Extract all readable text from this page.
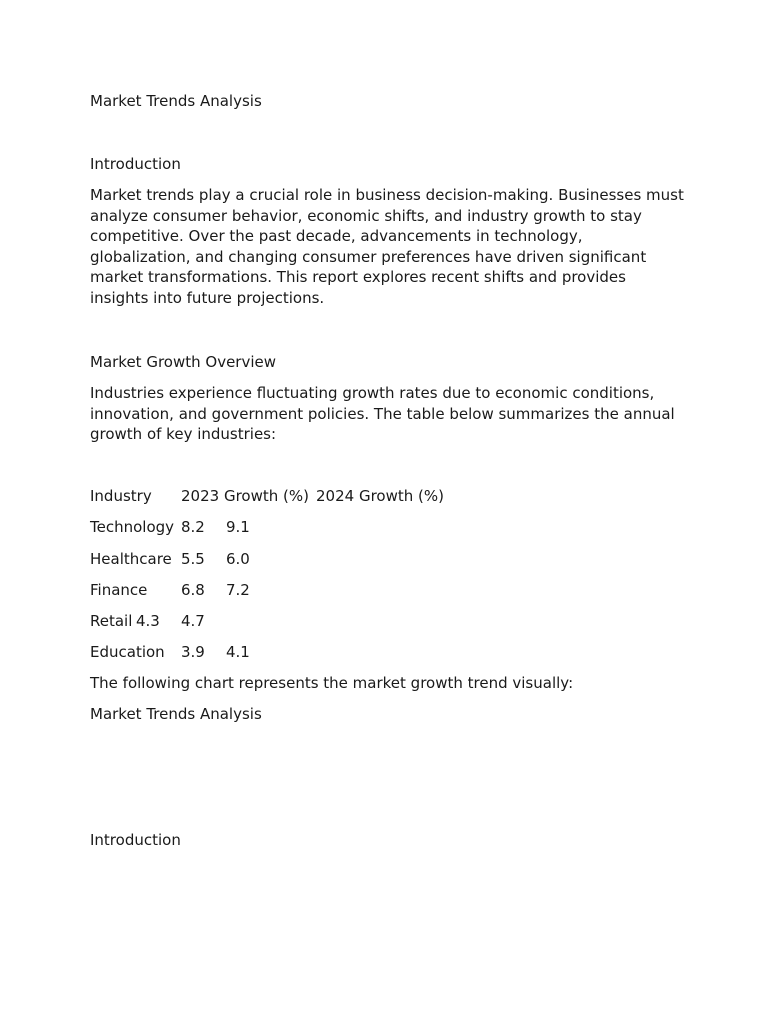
Market Trends Analysis
Introduction
Market trends play a crucial role in business decision-making. Businesses must analyze consumer behavior, economic shifts, and industry growth to stay competitive. Over the past decade, advancements in technology, globalization, and changing consumer preferences have driven significant market transformations. This report explores recent shifts and provides insights into future projections.
Market Growth Overview
Industries experience fluctuating growth rates due to economic conditions, innovation, and government policies. The table below summarizes the annual growth of key industries:
Industry 2023 Growth (%) 2024 Growth (%)
Technology 8.2 9.1
Healthcare 5.5 6.0
Finance 6.8 7.2
Retail 4.3 4.7
Education 3.9 4.1
The following chart represents the market growth trend visually:
Market Trends Analysis
Introduction
